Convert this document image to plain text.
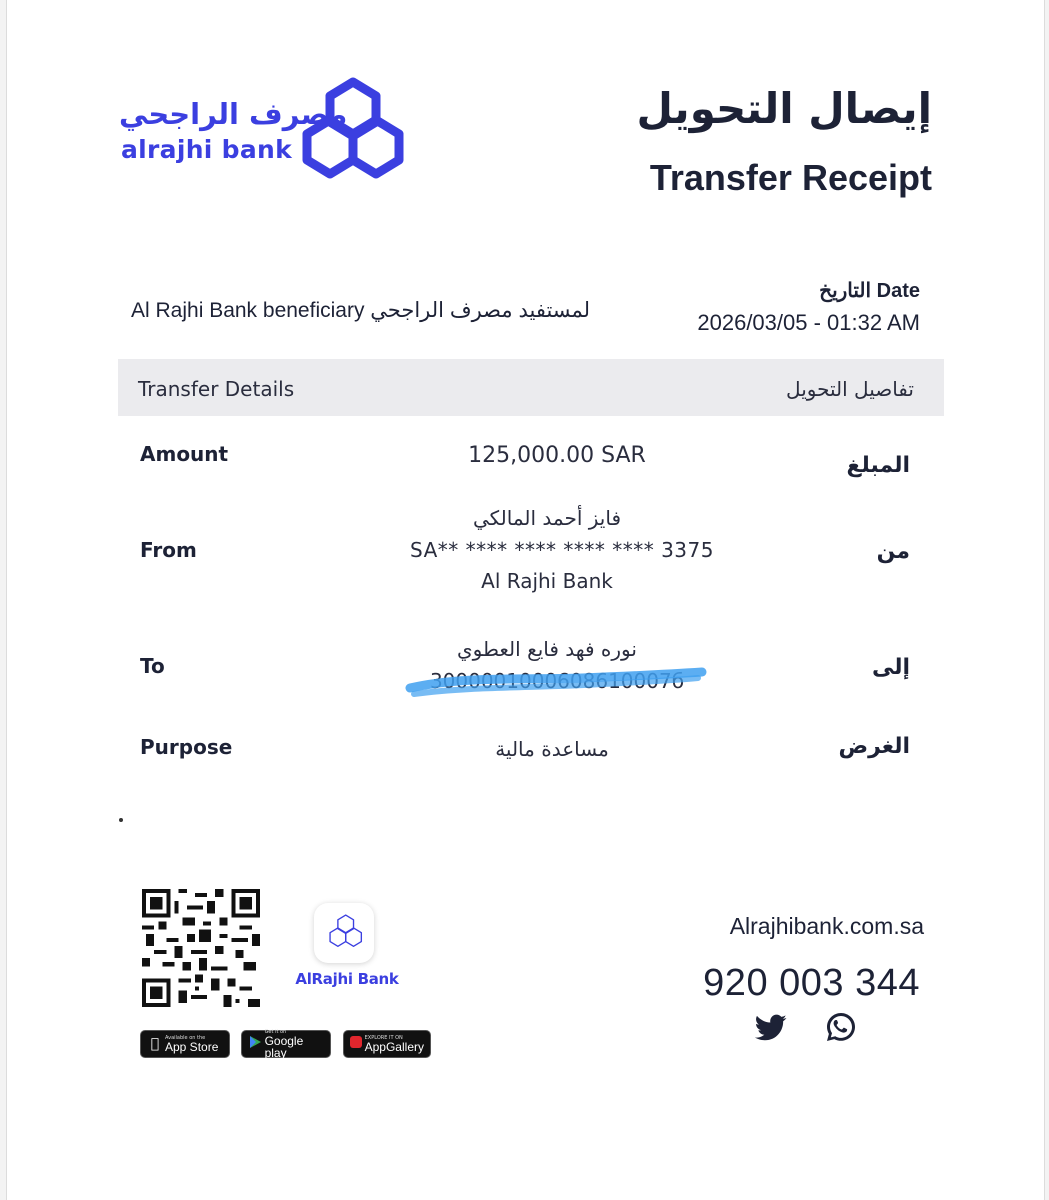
مصرف الراجحي
alrajhi bank
إيصال التحويل
Transfer Receipt
التاريخ Date
2026/03/05 - 01:32 AM
Al Rajhi Bank beneficiary لمستفيد مصرف الراجحي
Transfer Details	تفاصيل التحويل
Amount	المبلغ
125,000.00 SAR
From	من
فايز أحمد المالكي
SA** **** **** **** **** 3375
Al Rajhi Bank
To	إلى
نوره فهد فايع العطوي
3000001000608610007б
Purpose	الغرض
مساعدة مالية
AlRajhi Bank
Available on the
App Store
Get it on
Google play
EXPLORE IT ON
AppGallery
Alrajhibank.com.sa
920 003 344
